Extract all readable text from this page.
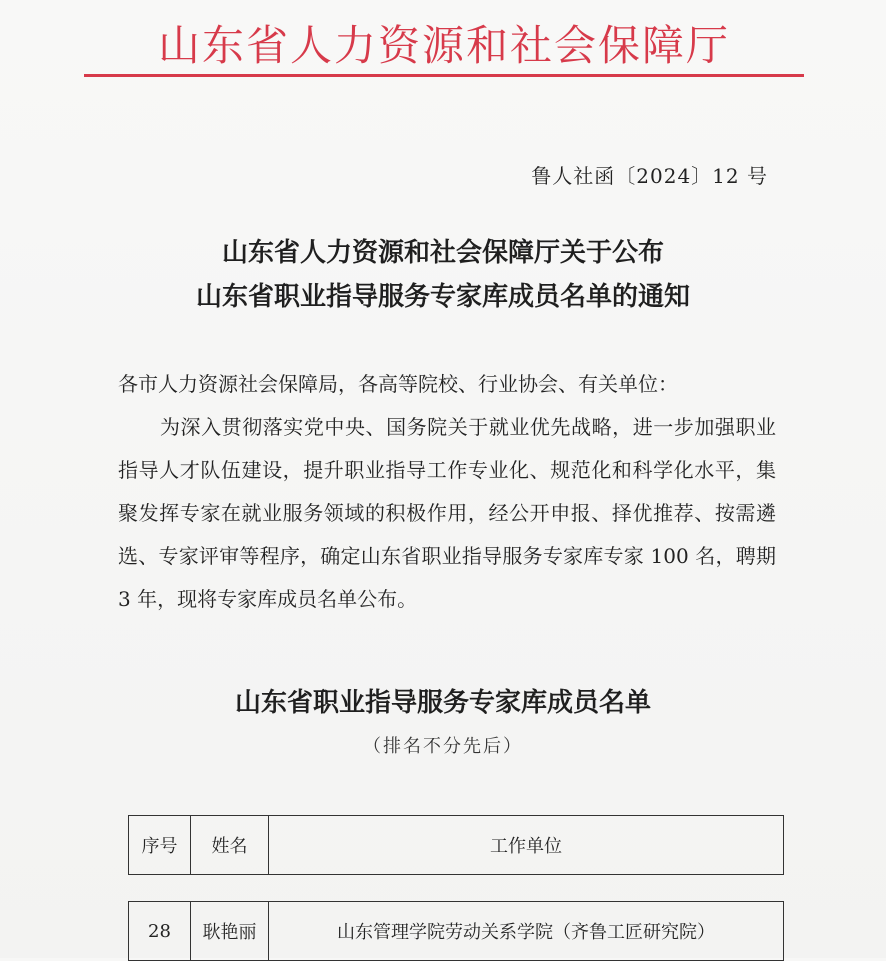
山东省人力资源和社会保障厅
鲁人社函〔2024〕12 号
山东省人力资源和社会保障厅关于公布
山东省职业指导服务专家库成员名单的通知
各市人力资源社会保障局，各高等院校、行业协会、有关单位：
为深入贯彻落实党中央、国务院关于就业优先战略，进一步加强职业指导人才队伍建设，提升职业指导工作专业化、规范化和科学化水平，集聚发挥专家在就业服务领域的积极作用，经公开申报、择优推荐、按需遴选、专家评审等程序，确定山东省职业指导服务专家库专家 100 名，聘期 3 年，现将专家库成员名单公布。
山东省职业指导服务专家库成员名单
（排名不分先后）
序号	姓名	工作单位
28	耿艳丽	山东管理学院劳动关系学院（齐鲁工匠研究院）
